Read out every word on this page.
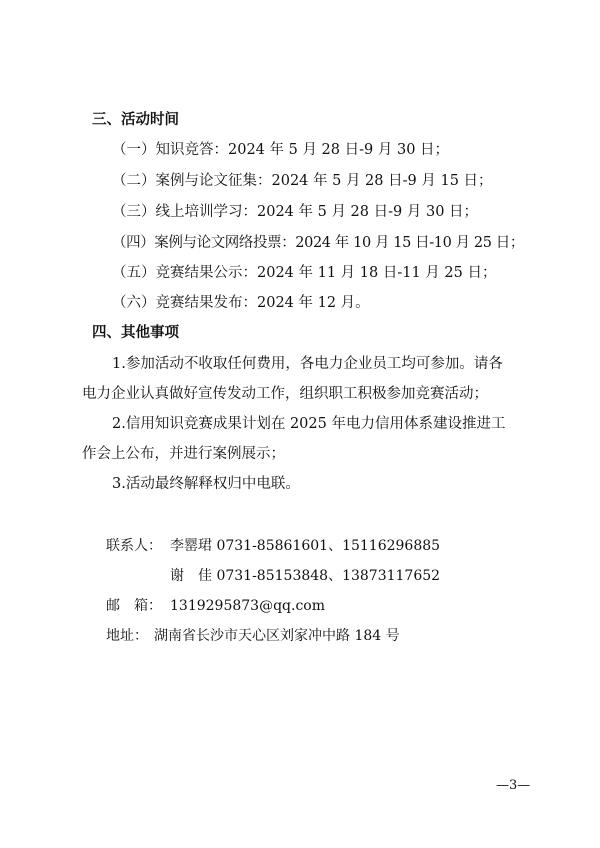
三、活动时间
（一）知识竞答：2024 年 5 月 28 日-9 月 30 日；
（二）案例与论文征集：2024 年 5 月 28 日-9 月 15 日；
（三）线上培训学习：2024 年 5 月 28 日-9 月 30 日；
（四）案例与论文网络投票：2024 年 10 月 15 日-10 月 25 日；
（五）竞赛结果公示：2024 年 11 月 18 日-11 月 25 日；
（六）竞赛结果发布：2024 年 12 月。
四、其他事项
1.参加活动不收取任何费用，各电力企业员工均可参加。请各
电力企业认真做好宣传发动工作，组织职工积极参加竞赛活动；
2.信用知识竞赛成果计划在 2025 年电力信用体系建设推进工
作会上公布，并进行案例展示；
3.活动最终解释权归中电联。
联系人： 李罂珺 0731-85861601、15116296885
谢　佳 0731-85153848、13873117652
邮　箱： 1319295873@qq.com
地址： 湖南省长沙市天心区刘家冲中路 184 号
—3—
